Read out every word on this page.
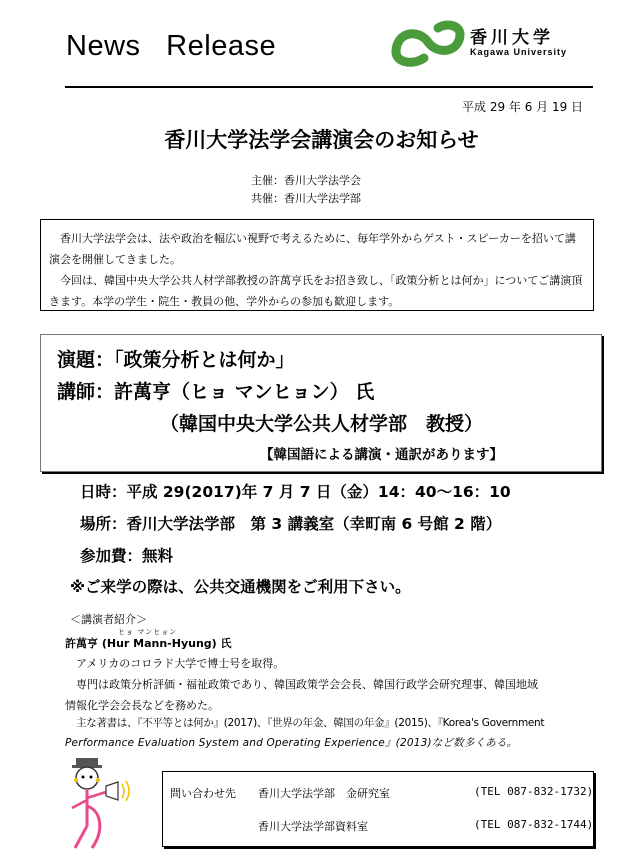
News   Release	香川大学
Kagawa University
平成 29 年 6 月 19 日
香川大学法学会講演会のお知らせ
主催：香川大学法学会
共催：香川大学法学部

香川大学法学会は、法や政治を幅広い視野で考えるために、毎年学外からゲスト・スピーカーを招いて講演会を開催してきました。

今回は、韓国中央大学公共人材学部教授の許萬亨氏をお招き致し、「政策分析とは何か」についてご講演頂きます。本学の学生・院生・教員の他、学外からの参加も歓迎します。

演題：「政策分析とは何か」
講師：許萬亨（ヒョ マンヒョン） 氏
（韓国中央大学公共人材学部　教授）
【韓国語による講演・通訳があります】
日時：平成 29(2017)年 7 月 7 日（金）14：40〜16：10
場所：香川大学法学部　第 3 講義室（幸町南 6 号館 2 階）
参加費：無料
※ご来学の際は、公共交通機関をご利用下さい。
＜講演者紹介＞
ヒョ マンヒョン
許萬亨 (Hur Mann-Hyung) 氏
アメリカのコロラド大学で博士号を取得。
専門は政策分析評価・福祉政策であり、韓国政策学会会長、韓国行政学会研究理事、韓国地域
情報化学会会長などを務めた。
主な著書は、『不平等とは何か』(2017)、『世界の年金、韓国の年金』(2015)、『Korea's Government
Performance Evaluation System and Operating Experience』(2013)など数多くある。
問い合わせ先 香川大学法学部　金研究室	(TEL 087-832-1732)
香川大学法学部資料室	(TEL 087-832-1744)
